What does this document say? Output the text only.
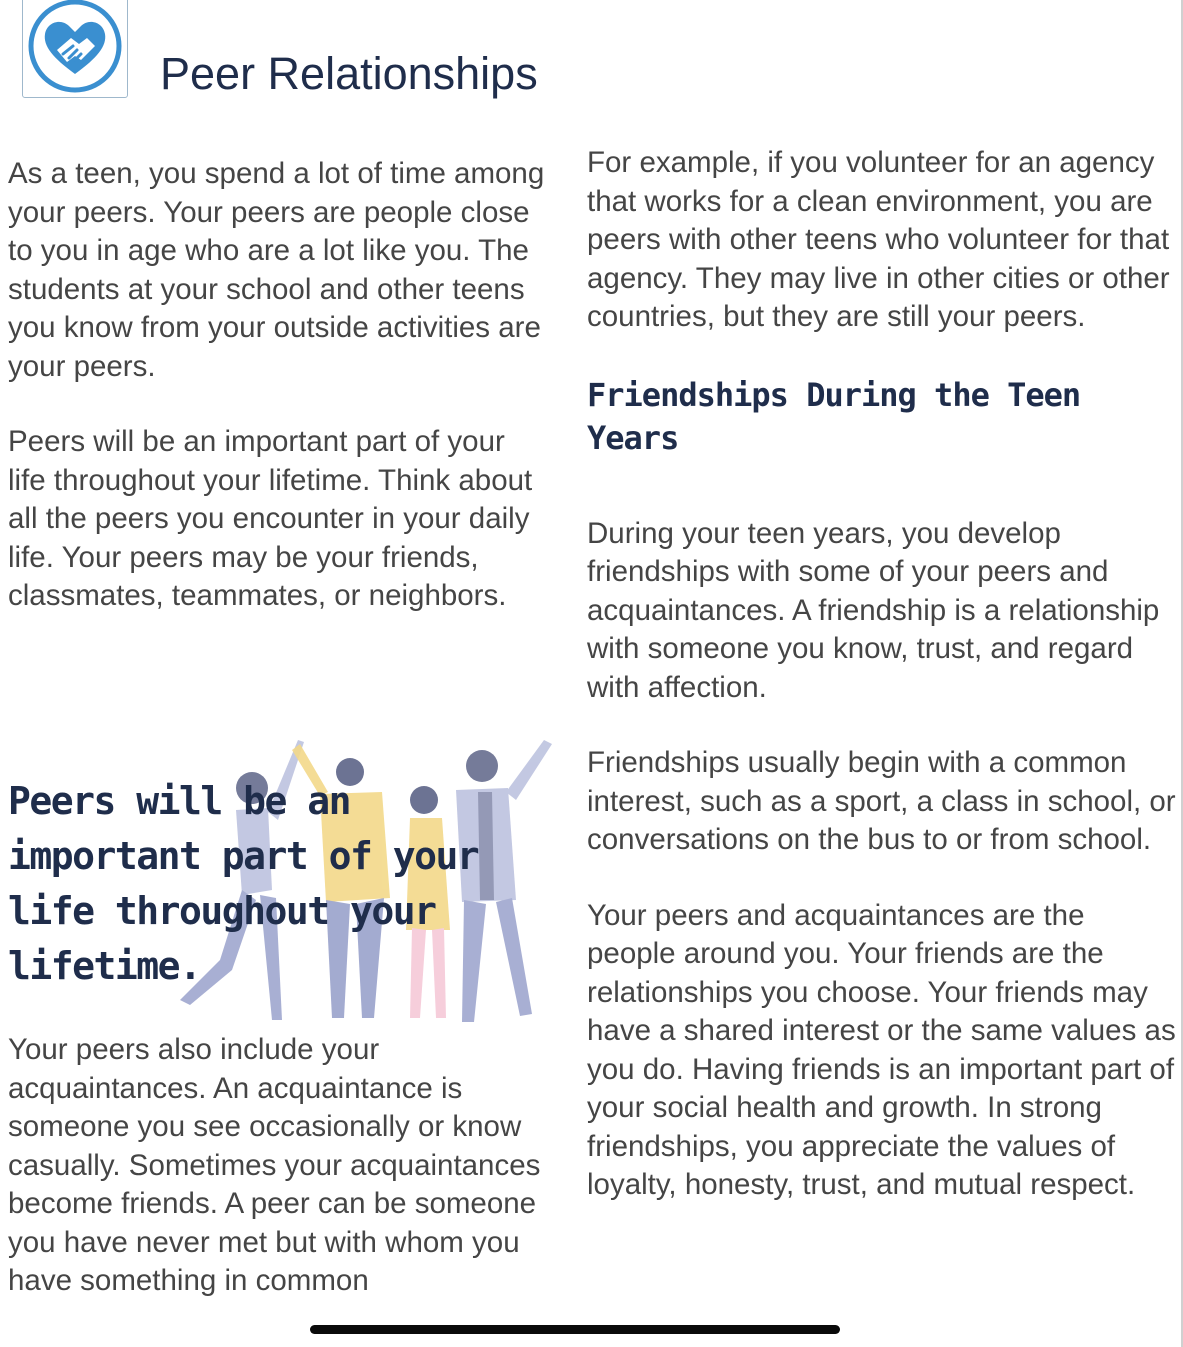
Peer Relationships

As a teen, you spend a lot of time among your peers. Your peers are people close to you in age who are a lot like you. The students at your school and other teens you know from your outside activities are your peers.

Peers will be an important part of your life throughout your lifetime. Think about all the peers you encounter in your daily life. Your peers may be your friends, classmates, teammates, or neighbors.

Peers will be an important part of your life throughout your lifetime.

Your peers also include your acquaintances. An acquaintance is someone you see occasionally or know casually. Sometimes your acquaintances become friends. A peer can be someone you have never met but with whom you have something in common

For example, if you volunteer for an agency that works for a clean environment, you are peers with other teens who volunteer for that agency. They may live in other cities or other countries, but they are still your peers.

Friendships During the Teen Years

During your teen years, you develop friendships with some of your peers and acquaintances. A friendship is a relationship with someone you know, trust, and regard with affection.

Friendships usually begin with a common interest, such as a sport, a class in school, or conversations on the bus to or from school.

Your peers and acquaintances are the people around you. Your friends are the relationships you choose. Your friends may have a shared interest or the same values as you do. Having friends is an important part of your social health and growth. In strong friendships, you appreciate the values of loyalty, honesty, trust, and mutual respect.
